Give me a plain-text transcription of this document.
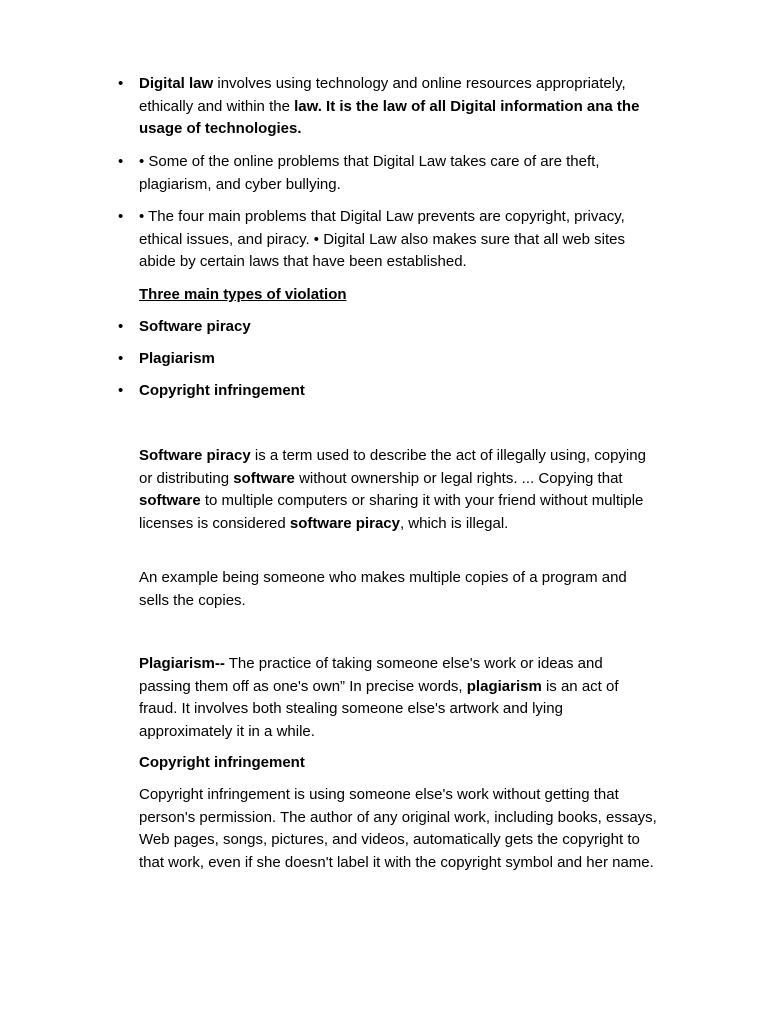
•	Digital law involves using technology and online resources appropriately, ethically and within the law. It is the law of all Digital information ana the usage of technologies.
•	• Some of the online problems that Digital Law takes care of are theft, plagiarism, and cyber bullying.
•	• The four main problems that Digital Law prevents are copyright, privacy, ethical issues, and piracy. • Digital Law also makes sure that all web sites abide by certain laws that have been established.
Three main types of violation
•	Software piracy
•	Plagiarism
•	Copyright infringement
Software piracy is a term used to describe the act of illegally using, copying or distributing software without ownership or legal rights. ... Copying that software to multiple computers or sharing it with your friend without multiple licenses is considered software piracy, which is illegal.
An example being someone who makes multiple copies of a program and sells the copies.
Plagiarism-- The practice of taking someone else's work or ideas and passing them off as one's own” In precise words, plagiarism is an act of fraud. It involves both stealing someone else's artwork and lying approximately it in a while.
Copyright infringement
Copyright infringement is using someone else's work without getting that person's permission. The author of any original work, including books, essays, Web pages, songs, pictures, and videos, automatically gets the copyright to that work, even if she doesn't label it with the copyright symbol and her name.
